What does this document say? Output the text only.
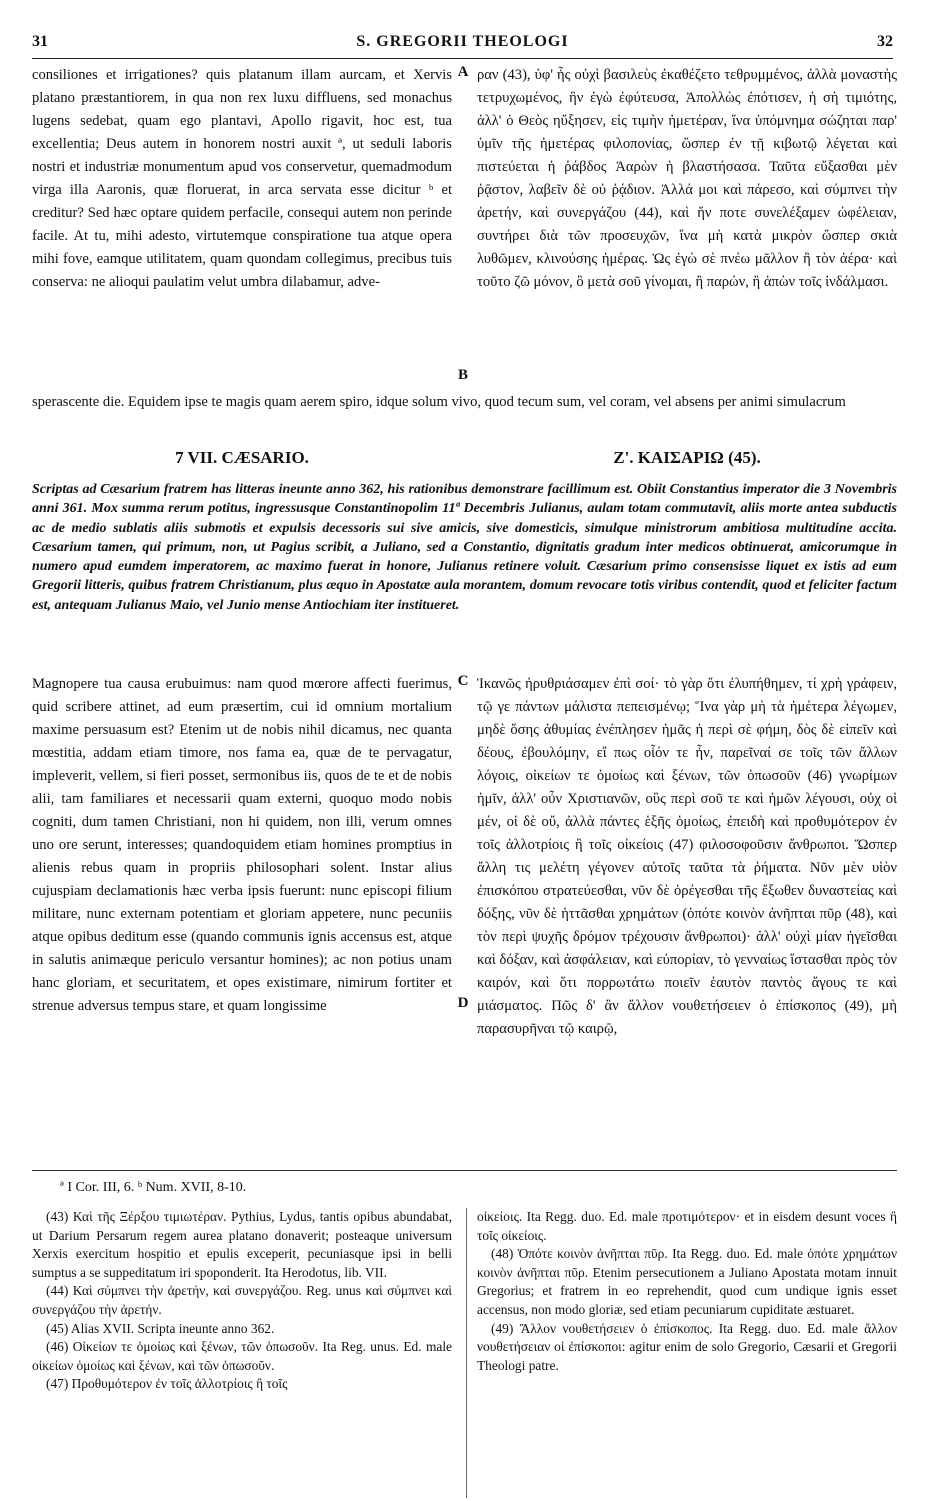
31	S. GREGORII THEOLOGI	32

consiliones et irrigationes? quis platanum illam aurcam, et Xervis platano præstantiorem, in qua non rex luxu diffluens, sed monachus lugens sedebat, quam ego plantavi, Apollo rigavit, hoc est, tua excellentia; Deus autem in honorem nostri auxit ª, ut seduli laboris nostri et industriæ monumentum apud vos conservetur, quemadmodum virga illa Aaronis, quæ floruerat, in arca servata esse dicitur ᵇ et creditur? Sed hæc optare quidem perfacile, consequi autem non perinde facile. At tu, mihi adesto, virtutemque conspiratione tua atque opera mihi fove, eamque utilitatem, quam quondam collegimus, precibus tuis conserva: ne alioqui paulatim velut umbra dilabamur, adve-

ραν (43), ὑφ' ἧς οὐχὶ βασιλεὺς ἐκαθέζετο τεθρυμμένος, ἀλλὰ μοναστὴς τετρυχωμένος, ἣν ἐγὼ ἐφύτευσα, Ἀπολλὼς ἐπότισεν, ἡ σὴ τιμιότης, ἀλλ' ὁ Θεὸς ηὔξησεν, εἰς τιμὴν ἡμετέραν, ἵνα ὑπόμνημα σώζηται παρ' ὑμῖν τῆς ἡμετέρας φιλοπονίας, ὥσπερ ἐν τῇ κιβωτῷ λέγεται καὶ πιστεύεται ἡ ῥάβδος Ἀαρὼν ἡ βλαστήσασα. Ταῦτα εὔξασθαι μὲν ῥᾷστον, λαβεῖν δὲ οὐ ῥᾴδιον. Ἀλλά μοι καὶ πάρεσο, καὶ σύμπνει τὴν ἀρετήν, καὶ συνεργάζου (44), καὶ ἥν ποτε συνελέξαμεν ὠφέλειαν, συντήρει διὰ τῶν προσευχῶν, ἵνα μὴ κατὰ μικρὸν ὥσπερ σκιὰ λυθῶμεν, κλινούσης ἡμέρας. Ὡς ἐγὼ σὲ πνέω μᾶλλον ἢ τὸν ἀέρα· καὶ τοῦτο ζῶ μόνον, ὃ μετὰ σοῦ γίνομαι, ἢ παρών, ἢ ἀπὼν τοῖς ἰνδάλμασι.

A
B
sperascente die. Equidem ipse te magis quam aerem spiro, idque solum vivo, quod tecum sum, vel coram, vel absens per animi simulacrum
7 VII. CÆSARIO.	Ζ'. ΚΑΙΣΑΡΙΩ (45).
Scriptas ad Cæsarium fratrem has litteras ineunte anno 362, his rationibus demonstrare facillimum est. Obiit Constantius imperator die 3 Novembris anni 361. Mox summa rerum potitus, ingressusque Constantinopolim 11ª Decembris Julianus, aulam totam commutavit, aliis morte antea subductis ac de medio sublatis aliis submotis et expulsis decessoris sui sive amicis, sive domesticis, simulque ministrorum ambitiosa multitudine accita. Cæsarium tamen, qui primum, non, ut Pagius scribit, a Juliano, sed a Constantio, dignitatis gradum inter medicos obtinuerat, amicorumque in numero apud eumdem imperatorem, ac maximo fuerat in honore, Julianus retinere voluit. Cæsarium primo consensisse liquet ex istis ad eum Gregorii litteris, quibus fratrem Christianum, plus æquo in Apostatæ aula morantem, domum revocare totis viribus contendit, quod et feliciter factum est, antequam Julianus Maio, vel Junio mense Antiochiam iter institueret.

Magnopere tua causa erubuimus: nam quod mœrore affecti fuerimus, quid scribere attinet, ad eum præsertim, cui id omnium mortalium maxime persuasum est? Etenim ut de nobis nihil dicamus, nec quanta mœstitia, addam etiam timore, nos fama ea, quæ de te pervagatur, impleverit, vellem, si fieri posset, sermonibus iis, quos de te et de nobis alii, tam familiares et necessarii quam externi, quoquo modo nobis cogniti, dum tamen Christiani, non hi quidem, non illi, verum omnes uno ore serunt, interesses; quandoquidem etiam homines promptius in alienis rebus quam in propriis philosophari solent. Instar alius cujuspiam declamationis hæc verba ipsis fuerunt: nunc episcopi filium militare, nunc externam potentiam et gloriam appetere, nunc pecuniis atque opibus deditum esse (quando communis ignis accensus est, atque in salutis animæque periculo versantur homines); ac non potius unam hanc gloriam, et securitatem, et opes existimare, nimirum fortiter et strenue adversus tempus stare, et quam longissime

Ἱκανῶς ἠρυθριάσαμεν ἐπὶ σοί· τὸ γὰρ ὅτι ἐλυπήθημεν, τί χρὴ γράφειν, τῷ γε πάντων μάλιστα πεπεισμένῳ; Ἵνα γὰρ μὴ τὰ ἡμέτερα λέγωμεν, μηδὲ ὅσης ἀθυμίας ἐνέπλησεν ἡμᾶς ἡ περὶ σὲ φήμη, δὸς δὲ εἰπεῖν καὶ δέους, ἐβουλόμην, εἴ πως οἷόν τε ἦν, παρεῖναί σε τοῖς τῶν ἄλλων λόγοις, οἰκείων τε ὁμοίως καὶ ξένων, τῶν ὁπωσοῦν (46) γνωρίμων ἡμῖν, ἀλλ' οὖν Χριστιανῶν, οὓς περὶ σοῦ τε καὶ ἡμῶν λέγουσι, οὐχ οἱ μέν, οἱ δὲ οὔ, ἀλλὰ πάντες ἑξῆς ὁμοίως, ἐπειδὴ καὶ προθυμότερον ἐν τοῖς ἀλλοτρίοις ἢ τοῖς οἰκείοις (47) φιλοσοφοῦσιν ἄνθρωποι. Ὥσπερ ἄλλη τις μελέτη γέγονεν αὐτοῖς ταῦτα τὰ ῥήματα. Νῦν μὲν υἱὸν ἐπισκόπου στρατεύεσθαι, νῦν δὲ ὀρέγεσθαι τῆς ἔξωθεν δυναστείας καὶ δόξης, νῦν δὲ ἡττᾶσθαι χρημάτων (ὁπότε κοινὸν ἀνῆπται πῦρ (48), καὶ τὸν περὶ ψυχῆς δρόμον τρέχουσιν ἄνθρωποι)· ἀλλ' οὐχὶ μίαν ἡγεῖσθαι καὶ δόξαν, καὶ ἀσφάλειαν, καὶ εὐπορίαν, τὸ γενναίως ἵστασθαι πρὸς τὸν καιρόν, καὶ ὅτι πορρωτάτω ποιεῖν ἑαυτὸν παντὸς ἄγους τε καὶ μιάσματος. Πῶς δ' ἂν ἄλλον νουθετήσειεν ὁ ἐπίσκοπος (49), μὴ παρασυρῆναι τῷ καιρῷ,

C
D
ª I Cor. III, 6. ᵇ Num. XVII, 8-10.

(43) Καὶ τῆς Ξέρξου τιμιωτέραν. Pythius, Lydus, tantis opibus abundabat, ut Darium Persarum regem aurea platano donaverit; posteaque universum Xerxis exercitum hospitio et epulis exceperit, pecuniasque ipsi in belli sumptus a se suppeditatum iri spoponderit. Ita Herodotus, lib. VII.

(44) Καὶ σύμπνει τὴν ἀρετήν, καὶ συνεργάζου. Reg. unus καὶ σύμπνει καὶ συνεργάζου τὴν ἀρετήν.

(45) Alias XVII. Scripta ineunte anno 362.

(46) Οἰκείων τε ὁμοίως καὶ ξένων, τῶν ὁπωσοῦν. Ita Reg. unus. Ed. male οἰκείων ὁμοίως καὶ ξένων, καὶ τῶν ὁπωσοῦν.

(47) Προθυμότερον ἐν τοῖς ἀλλοτρίοις ἢ τοῖς

οἰκείοις. Ita Regg. duo. Ed. male προτιμότερον· et in eisdem desunt voces ἢ τοῖς οἰκείοις.

(48) Ὁπότε κοινὸν ἀνῆπται πῦρ. Ita Regg. duo. Ed. male ὁπότε χρημάτων κοινὸν ἀνῆπται πῦρ. Etenim persecutionem a Juliano Apostata motam innuit Gregorius; et fratrem in eo reprehendit, quod cum undique ignis esset accensus, non modo gloriæ, sed etiam pecuniarum cupiditate æstuaret.

(49) Ἄλλον νουθετήσειεν ὁ ἐπίσκοπος. Ita Regg. duo. Ed. male ἄλλον νουθετήσειαν οἱ ἐπίσκοποι: agitur enim de solo Gregorio, Cæsarii et Gregorii Theologi patre.
